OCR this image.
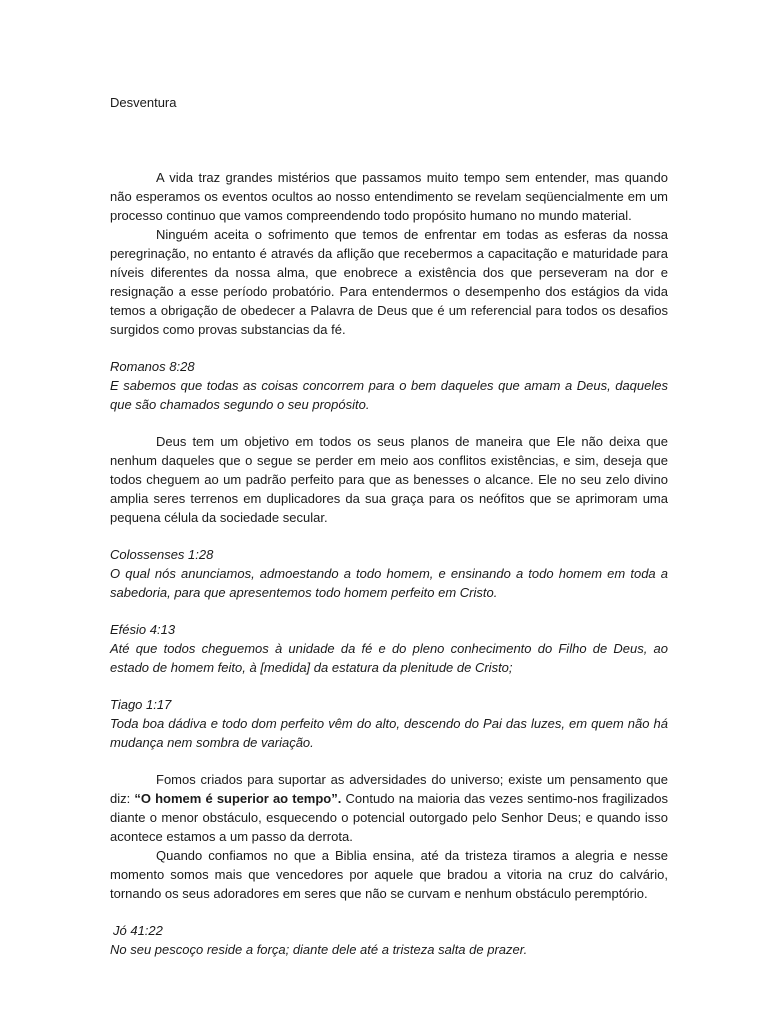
Desventura

A vida traz grandes mistérios que passamos muito tempo sem entender, mas quando não esperamos os eventos ocultos ao nosso entendimento se revelam seqüencialmente em um processo continuo que vamos compreendendo todo propósito humano no mundo material.

Ninguém aceita o sofrimento que temos de enfrentar em todas as esferas da nossa peregrinação, no entanto é através da aflição que recebermos a capacitação e maturidade para níveis diferentes da nossa alma, que enobrece a existência dos que perseveram na dor e resignação a esse período probatório. Para entendermos o desempenho dos estágios da vida temos a obrigação de obedecer a Palavra de Deus que é um referencial para todos os desafios surgidos como provas substancias da fé.

Romanos 8:28

E sabemos que todas as coisas concorrem para o bem daqueles que amam a Deus, daqueles que são chamados segundo o seu propósito.

Deus tem um objetivo em todos os seus planos de maneira que Ele não deixa que nenhum daqueles que o segue se perder em meio aos conflitos existências, e sim, deseja que todos cheguem ao um padrão perfeito para que as benesses o alcance. Ele no seu zelo divino amplia seres terrenos em duplicadores da sua graça para os neófitos que se aprimoram uma pequena célula da sociedade secular.

Colossenses 1:28

O qual nós anunciamos, admoestando a todo homem, e ensinando a todo homem em toda a sabedoria, para que apresentemos todo homem perfeito em Cristo.

Efésio 4:13

Até que todos cheguemos à unidade da fé e do pleno conhecimento do Filho de Deus, ao estado de homem feito, à [medida] da estatura da plenitude de Cristo;

Tiago 1:17

Toda boa dádiva e todo dom perfeito vêm do alto, descendo do Pai das luzes, em quem não há mudança nem sombra de variação.

Fomos criados para suportar as adversidades do universo; existe um pensamento que diz: “O homem é superior ao tempo”. Contudo na maioria das vezes sentimo-nos fragilizados diante o menor obstáculo, esquecendo o potencial outorgado pelo Senhor Deus; e quando isso acontece estamos a um passo da derrota.

Quando confiamos no que a Biblia ensina, até da tristeza tiramos a alegria e nesse momento somos mais que vencedores por aquele que bradou a vitoria na cruz do calvário, tornando os seus adoradores em seres que não se curvam e nenhum obstáculo peremptório.

Jó 41:22

No seu pescoço reside a força; diante dele até a tristeza salta de prazer.
